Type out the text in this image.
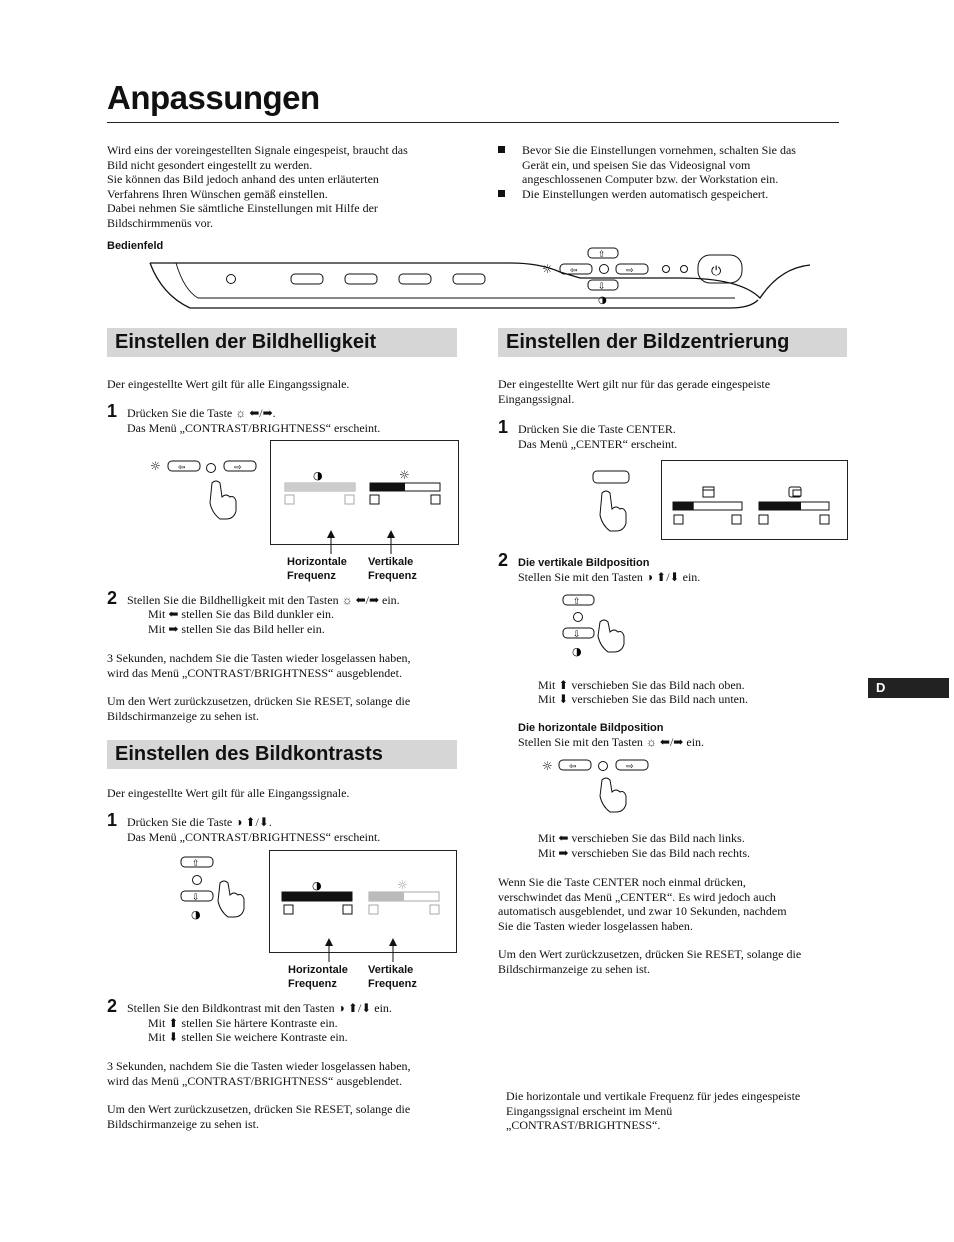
Anpassungen

Wird eins der voreingestellten Signale eingespeist, braucht das
Bild nicht gesondert eingestellt zu werden.
Sie können das Bild jedoch anhand des unten erläuterten
Verfahrens Ihren Wünschen gemäß einstellen.
Dabei nehmen Sie sämtliche Einstellungen mit Hilfe der
Bildschirmmenüs vor.

Bevor Sie die Einstellungen vornehmen, schalten Sie das
Gerät ein, und speisen Sie das Videosignal vom
angeschlossenen Computer bzw. der Workstation ein.
Die Einstellungen werden automatisch gespeichert.
Bedienfeld
☼
⇧
⇦	⇨
⇩
◑
⏻
Einstellen der Bildhelligkeit

Der eingestellte Wert gilt für alle Eingangssignale.

1 Drücken Sie die Taste ☼ ⬅/➡.
Das Menü „CONTRAST/BRIGHTNESS“ erscheint.
☼ ⇦	⇨
◑	☼
Horizontale
Frequenz
Vertikale
Frequenz
2 Stellen Sie die Bildhelligkeit mit den Tasten ☼ ⬅/➡ ein.
Mit ⬅ stellen Sie das Bild dunkler ein.
Mit ➡ stellen Sie das Bild heller ein.

3 Sekunden, nachdem Sie die Tasten wieder losgelassen haben,
wird das Menü „CONTRAST/BRIGHTNESS“ ausgeblendet.

Um den Wert zurückzusetzen, drücken Sie RESET, solange die
Bildschirmanzeige zu sehen ist.

Einstellen des Bildkontrasts

Der eingestellte Wert gilt für alle Eingangssignale.

1 Drücken Sie die Taste ◑ ⬆/⬇.
Das Menü „CONTRAST/BRIGHTNESS“ erscheint.
⇧
⇩
◑
◑	☼
Horizontale
Frequenz
Vertikale
Frequenz
2 Stellen Sie den Bildkontrast mit den Tasten ◑ ⬆/⬇ ein.
Mit ⬆ stellen Sie härtere Kontraste ein.
Mit ⬇ stellen Sie weichere Kontraste ein.

3 Sekunden, nachdem Sie die Tasten wieder losgelassen haben,
wird das Menü „CONTRAST/BRIGHTNESS“ ausgeblendet.

Um den Wert zurückzusetzen, drücken Sie RESET, solange die
Bildschirmanzeige zu sehen ist.

Einstellen der Bildzentrierung

Der eingestellte Wert gilt nur für das gerade eingespeiste
Eingangssignal.

1 Drücken Sie die Taste CENTER.
Das Menü „CENTER“ erscheint.
2 Die vertikale Bildposition
Stellen Sie mit den Tasten ◑ ⬆/⬇ ein.
⇧
⇩
◑
Mit ⬆ verschieben Sie das Bild nach oben.
Mit ⬇ verschieben Sie das Bild nach unten.
Die horizontale Bildposition
Stellen Sie mit den Tasten ☼ ⬅/➡ ein.
☼ ⇦	⇨
Mit ⬅ verschieben Sie das Bild nach links.
Mit ➡ verschieben Sie das Bild nach rechts.

Wenn Sie die Taste CENTER noch einmal drücken,
verschwindet das Menü „CENTER“. Es wird jedoch auch
automatisch ausgeblendet, und zwar 10 Sekunden, nachdem
Sie die Tasten wieder losgelassen haben.

Um den Wert zurückzusetzen, drücken Sie RESET, solange die
Bildschirmanzeige zu sehen ist.

Die horizontale und vertikale Frequenz für jedes eingespeiste
Eingangssignal erscheint im Menü
„CONTRAST/BRIGHTNESS“.

D
